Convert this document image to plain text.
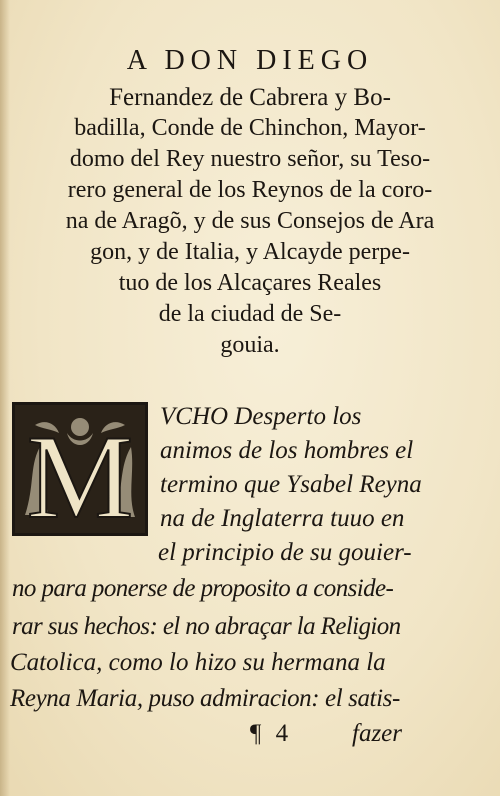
A DON DIEGO
Fernandez de Cabrera y Bo-
badilla, Conde de Chinchon, Mayor-
domo del Rey nuestro señor, su Teso-
rero general de los Reynos de la coro-
na de Aragõ, y de sus Consejos de Ara
gon, y de Italia, y Alcayde perpe-
tuo de los Alcaçares Reales
de la ciudad de Se-
gouia.
M VCHO Desperto los
animos de los hombres el
termino que Ysabel Reyna
na de Inglaterra tuuo en
el principio de su gouier-
no para ponerse de proposito a conside-
rar sus hechos: el no abraçar la Religion
Catolica, como lo hizo su hermana la
Reyna Maria, puso admiracion: el satis-
¶ 4 fazer
